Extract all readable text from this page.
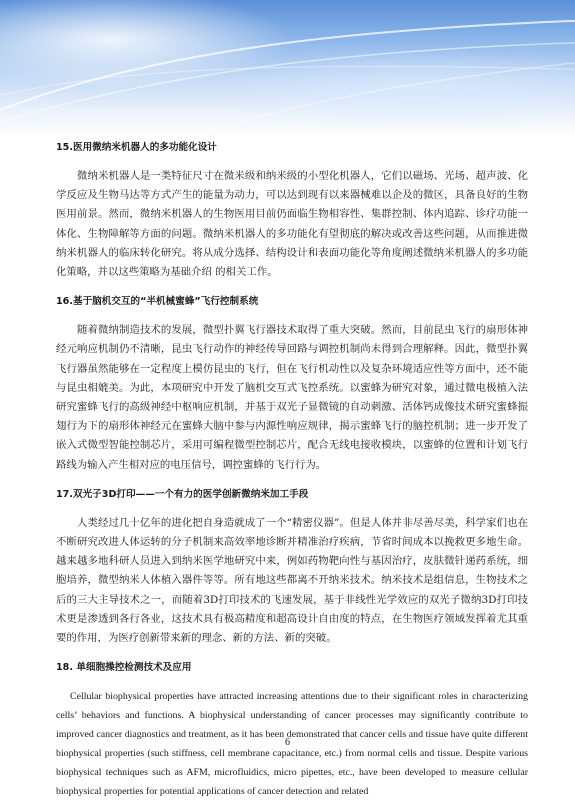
15.医用微纳米机器人的多功能化设计

微纳米机器人是一类特征尺寸在微米级和纳米级的小型化机器人，它们以磁场、光场、超声波、化学反应及生物马达等方式产生的能量为动力，可以达到现有以来器械难以企及的微区，具备良好的生物医用前景。然而，微纳米机器人的生物医用目前仍面临生物相容性、集群控制、体内追踪、诊疗功能一体化、生物障解等方面的问题。微纳米机器人的多功能化有望彻底的解决或改善这些问题，从而推进微纳米机器人的临床转化研究。将从成分选择、结构设计和表面功能化等角度阐述微纳米机器人的多功能化策略，并以这些策略为基础介绍 的相关工作。

16.基于脑机交互的“半机械蜜蜂”飞行控制系统

随着微纳制造技术的发展，微型扑翼飞行器技术取得了重大突破。然而，目前昆虫飞行的扇形体神经元响应机制仍不清晰，昆虫飞行动作的神经传导回路与调控机制尚未得到合理解释。因此，微型扑翼飞行器虽然能够在一定程度上模仿昆虫的飞行，但在飞行机动性以及复杂环境适应性等方面中，还不能与昆虫相媲美。为此，本项研究中开发了脑机交互式飞控系统。以蜜蜂为研究对象，通过微电极植入法研究蜜蜂飞行的高级神经中枢响应机制，并基于双光子显微镜的自动刺激、活体钙成像技术研究蜜蜂振翅行为下的扇形体神经元在蜜蜂大脑中参与内源性响应规律，揭示蜜蜂飞行的脑控机制；进一步开发了嵌入式微型智能控制芯片，采用可编程微型控制芯片，配合无线电接收模块，以蜜蜂的位置和计划飞行路线为输入产生相对应的电压信号，调控蜜蜂的飞行行为。

17.双光子3D打印——一个有力的医学创新微纳米加工手段

人类经过几十亿年的进化把自身造就成了一个“精密仪器”。但是人体并非尽善尽美，科学家们也在不断研究改进人体运转的分子机制来高效率地诊断并精准治疗疾病，节省时间成本以挽救更多地生命。越来越多地科研人员进入到纳米医学地研究中来，例如药物靶向性与基因治疗，皮肤微针递药系统，细胞培养，微型纳米人体植入器件等等。所有地这些都离不开纳米技术。纳米技术是组信息，生物技术之后的三大主导技术之一，而随着3D打印技术的飞速发展，基于非线性光学效应的双光子微纳3D打印技术更是渗透到各行各业，这技术具有极高精度和超高设计自由度的特点，在生物医疗领域发挥着尤其重要的作用，为医疗创新带来新的理念、新的方法、新的突破。

18. 单细胞操控检测技术及应用

Cellular biophysical properties have attracted increasing attentions due to their significant roles in characterizing cells’ behaviors and functions. A biophysical understanding of cancer processes may significantly contribute to improved cancer diagnostics and treatment, as it has been demonstrated that cancer cells and tissue have quite different biophysical properties (such stiffness, cell membrane capacitance, etc.) from normal cells and tissue. Despite various biophysical techniques such as AFM, microfluidics, micro pipettes, etc., have been developed to measure cellular biophysical properties for potential applications of cancer detection and related

6
